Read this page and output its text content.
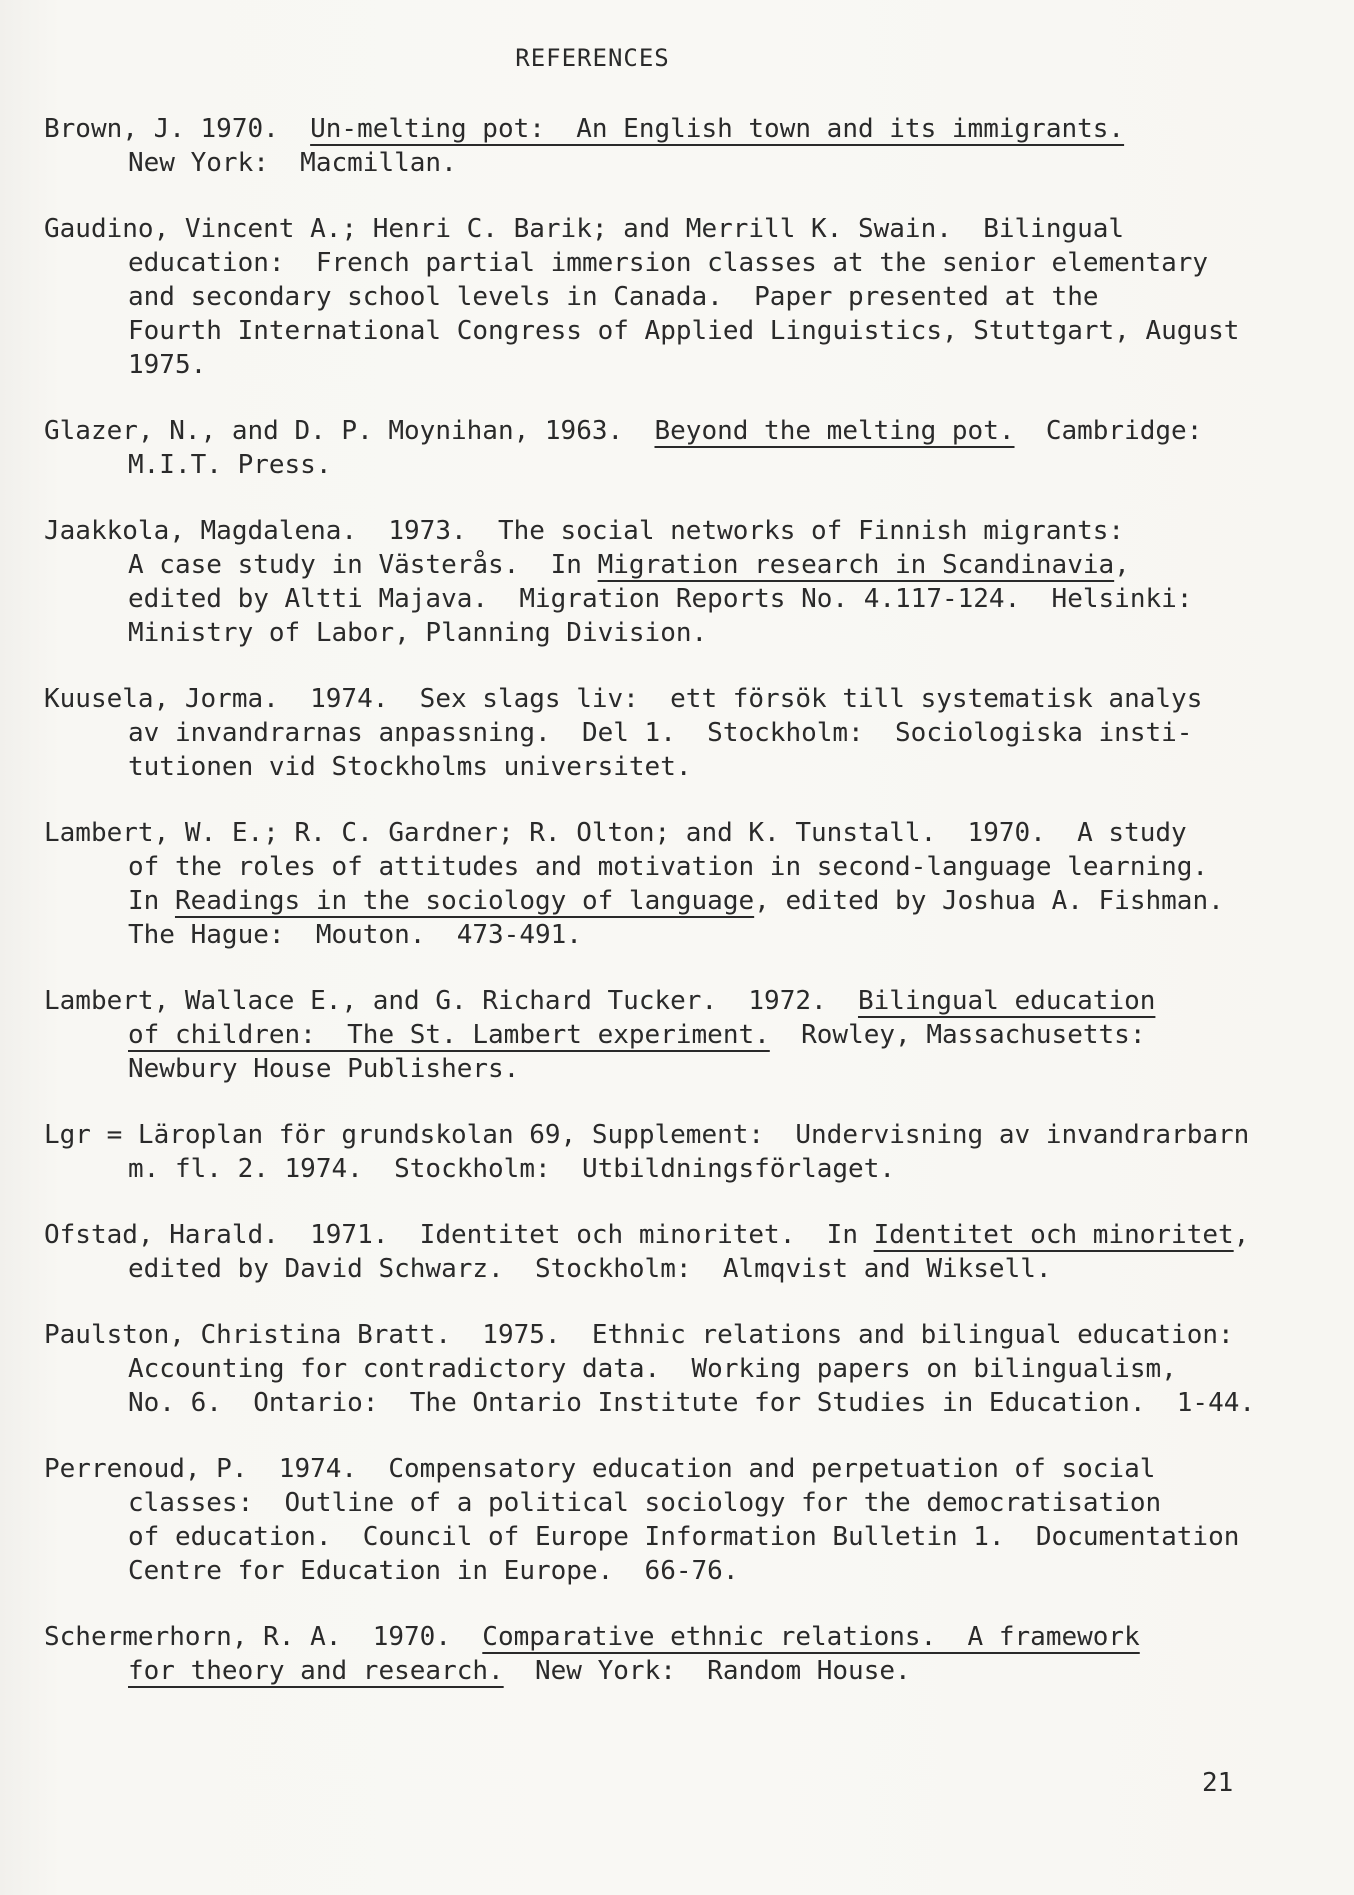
REFERENCES
Brown, J. 1970.  Un-melting pot:  An English town and its immigrants.
New York:  Macmillan.
Gaudino, Vincent A.; Henri C. Barik; and Merrill K. Swain.  Bilingual
education:  French partial immersion classes at the senior elementary
and secondary school levels in Canada.  Paper presented at the
Fourth International Congress of Applied Linguistics, Stuttgart, August
1975.
Glazer, N., and D. P. Moynihan, 1963.  Beyond the melting pot.  Cambridge:
M.I.T. Press.
Jaakkola, Magdalena.  1973.  The social networks of Finnish migrants:
A case study in Västerås.  In Migration research in Scandinavia,
edited by Altti Majava.  Migration Reports No. 4.117-124.  Helsinki:
Ministry of Labor, Planning Division.
Kuusela, Jorma.  1974.  Sex slags liv:  ett försök till systematisk analys
av invandrarnas anpassning.  Del 1.  Stockholm:  Sociologiska insti-
tutionen vid Stockholms universitet.
Lambert, W. E.; R. C. Gardner; R. Olton; and K. Tunstall.  1970.  A study
of the roles of attitudes and motivation in second-language learning.
In Readings in the sociology of language, edited by Joshua A. Fishman.
The Hague:  Mouton.  473-491.
Lambert, Wallace E., and G. Richard Tucker.  1972.  Bilingual education
of children:  The St. Lambert experiment.  Rowley, Massachusetts:
Newbury House Publishers.
Lgr = Läroplan för grundskolan 69, Supplement:  Undervisning av invandrarbarn
m. fl. 2. 1974.  Stockholm:  Utbildningsförlaget.
Ofstad, Harald.  1971.  Identitet och minoritet.  In Identitet och minoritet,
edited by David Schwarz.  Stockholm:  Almqvist and Wiksell.
Paulston, Christina Bratt.  1975.  Ethnic relations and bilingual education:
Accounting for contradictory data.  Working papers on bilingualism,
No. 6.  Ontario:  The Ontario Institute for Studies in Education.  1-44.
Perrenoud, P.  1974.  Compensatory education and perpetuation of social
classes:  Outline of a political sociology for the democratisation
of education.  Council of Europe Information Bulletin 1.  Documentation
Centre for Education in Europe.  66-76.
Schermerhorn, R. A.  1970.  Comparative ethnic relations.  A framework
for theory and research.  New York:  Random House.
21
